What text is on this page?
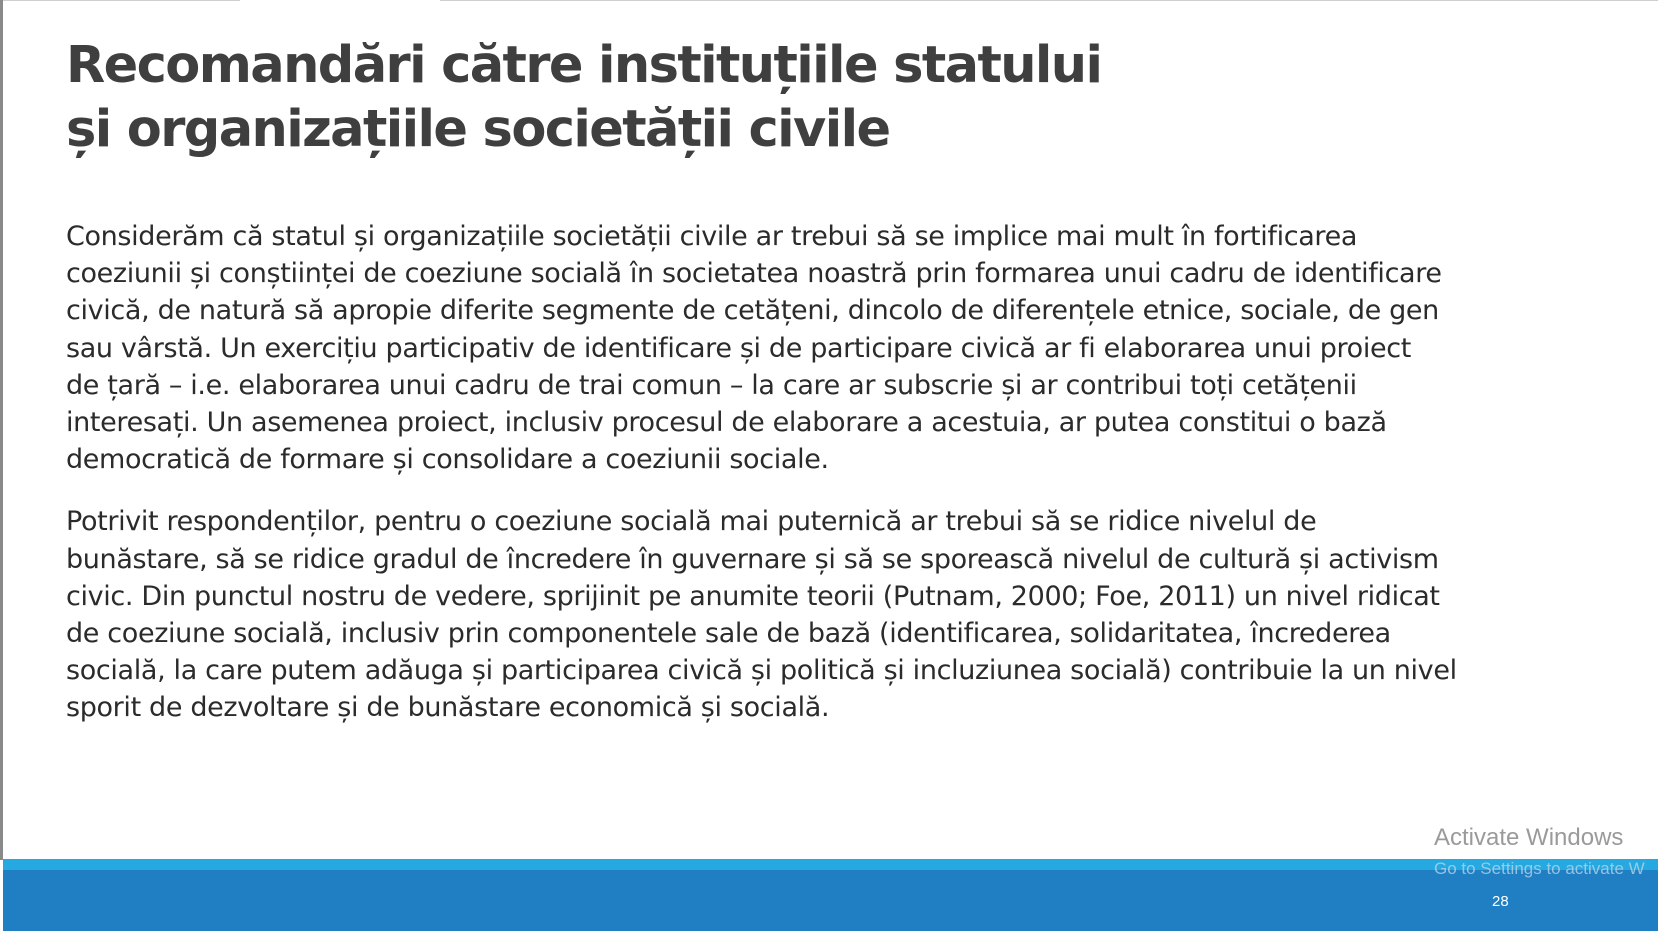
Recomandări către instituțiile statului
și organizațiile societății civile

Considerăm că statul și organizațiile societății civile ar trebui să se implice mai mult în fortificarea
coeziunii și conștiinței de coeziune socială în societatea noastră prin formarea unui cadru de identificare
civică, de natură să apropie diferite segmente de cetățeni, dincolo de diferențele etnice, sociale, de gen
sau vârstă. Un exercițiu participativ de identificare și de participare civică ar fi elaborarea unui proiect
de țară – i.e. elaborarea unui cadru de trai comun – la care ar subscrie și ar contribui toți cetățenii
interesați. Un asemenea proiect, inclusiv procesul de elaborare a acestuia, ar putea constitui o bază
democratică de formare și consolidare a coeziunii sociale.

Potrivit respondenților, pentru o coeziune socială mai puternică ar trebui să se ridice nivelul de
bunăstare, să se ridice gradul de încredere în guvernare și să se sporească nivelul de cultură și activism
civic. Din punctul nostru de vedere, sprijinit pe anumite teorii (Putnam, 2000; Foe, 2011) un nivel ridicat
de coeziune socială, inclusiv prin componentele sale de bază (identificarea, solidaritatea, încrederea
socială, la care putem adăuga și participarea civică și politică și incluziunea socială) contribuie la un nivel
sporit de dezvoltare și de bunăstare economică și socială.

28
Activate Windows
Go to Settings to activate W
